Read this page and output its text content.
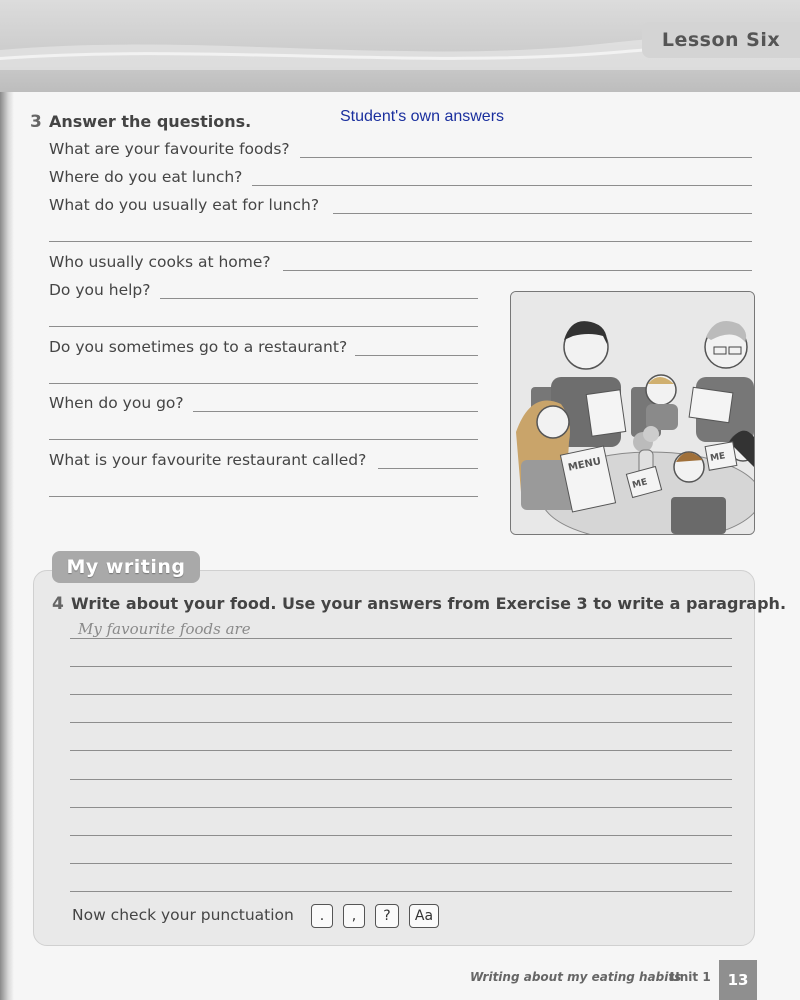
Lesson Six
3 Answer the questions.	Student's own answers
What are your favourite foods?
Where do you eat lunch?
What do you usually eat for lunch?
Who usually cooks at home?
Do you help?
Do you sometimes go to a restaurant?
When do you go?
What is your favourite restaurant called?	MENU
ME
ME
My writing
4 Write about your food. Use your answers from Exercise 3 to write a paragraph.
My favourite foods are
Now check your punctuation	.	,	?	Aa
Writing about my eating habits
Unit 1	13
